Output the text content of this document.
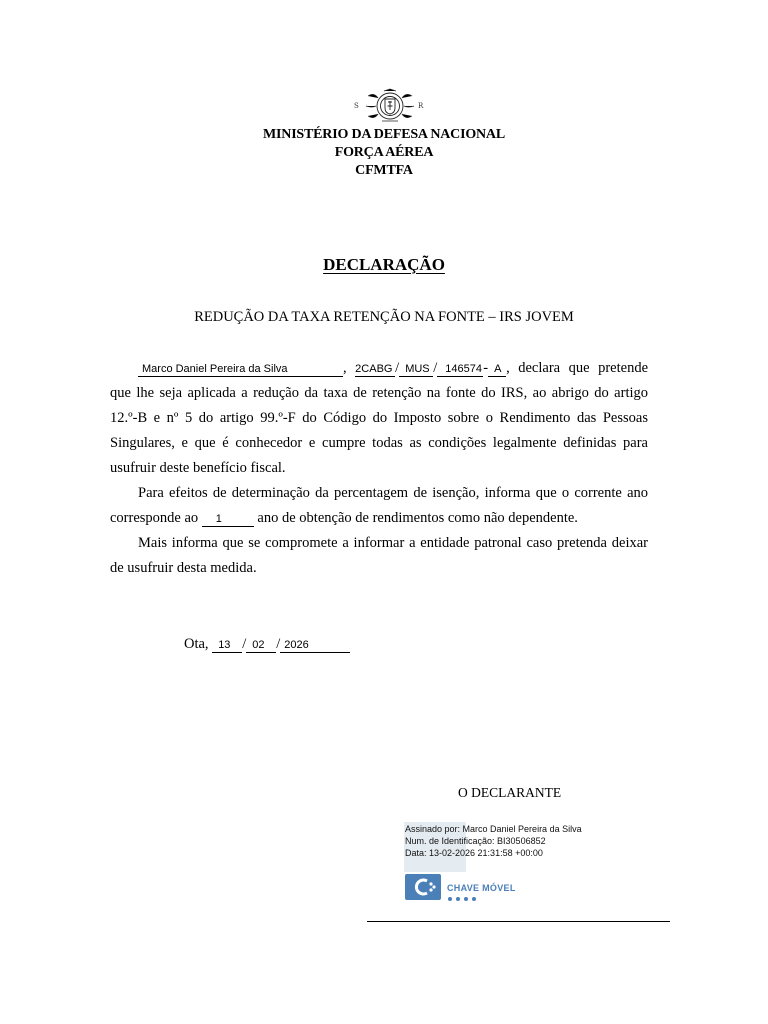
S	R
MINISTÉRIO DA DEFESA NACIONAL
FORÇA AÉREA
CFMTFA
DECLARAÇÃO
REDUÇÃO DA TAXA RETENÇÃO NA FONTE – IRS JOVEM

Marco Daniel Pereira da Silva	, 2CABG / MUS / 146574- A , declara que pretende que lhe seja aplicada a redução da taxa de retenção na fonte do IRS, ao abrigo do artigo 12.º-B e nº 5 do artigo 99.º-F do Código do Imposto sobre o Rendimento das Pessoas Singulares, e que é conhecedor e cumpre todas as condições legalmente definidas para usufruir deste benefício fiscal.

Para efeitos de determinação da percentagem de isenção, informa que o corrente ano corresponde ao 1 ano de obtenção de rendimentos como não dependente.

Mais informa que se compromete a informar a entidade patronal caso pretenda deixar de usufruir desta medida.

Ota, 13 / 02 / 2026
O DECLARANTE
Assinado por: Marco Daniel Pereira da Silva
Num. de Identificação: BI30506852
Data: 13-02-2026 21:31:58 +00:00
CHAVE MÓVEL
